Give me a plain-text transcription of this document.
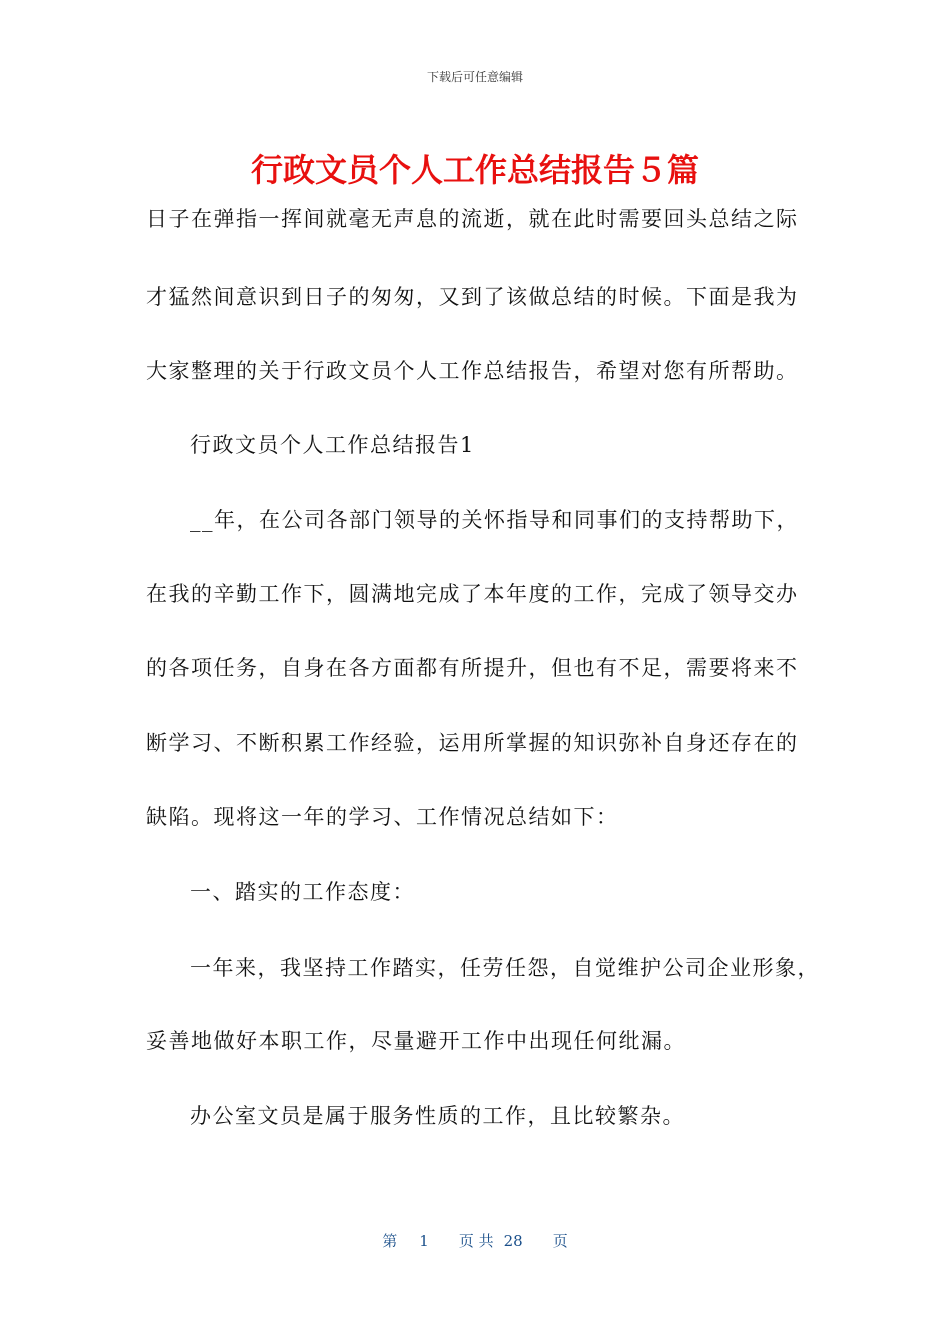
下载后可任意编辑
行政文员个人工作总结报告５篇
日子在弹指一挥间就毫无声息的流逝，就在此时需要回头总结之际
才猛然间意识到日子的匆匆，又到了该做总结的时候。下面是我为
大家整理的关于行政文员个人工作总结报告，希望对您有所帮助。
行政文员个人工作总结报告1
__年，在公司各部门领导的关怀指导和同事们的支持帮助下，
在我的辛勤工作下，圆满地完成了本年度的工作，完成了领导交办
的各项任务，自身在各方面都有所提升，但也有不足，需要将来不
断学习、不断积累工作经验，运用所掌握的知识弥补自身还存在的
缺陷。现将这一年的学习、工作情况总结如下：
一、踏实的工作态度：
一年来，我坚持工作踏实，任劳任怨，自觉维护公司企业形象，
妥善地做好本职工作，尽量避开工作中出现任何纰漏。
办公室文员是属于服务性质的工作，且比较繁杂。
第 1 页 共 28 页
